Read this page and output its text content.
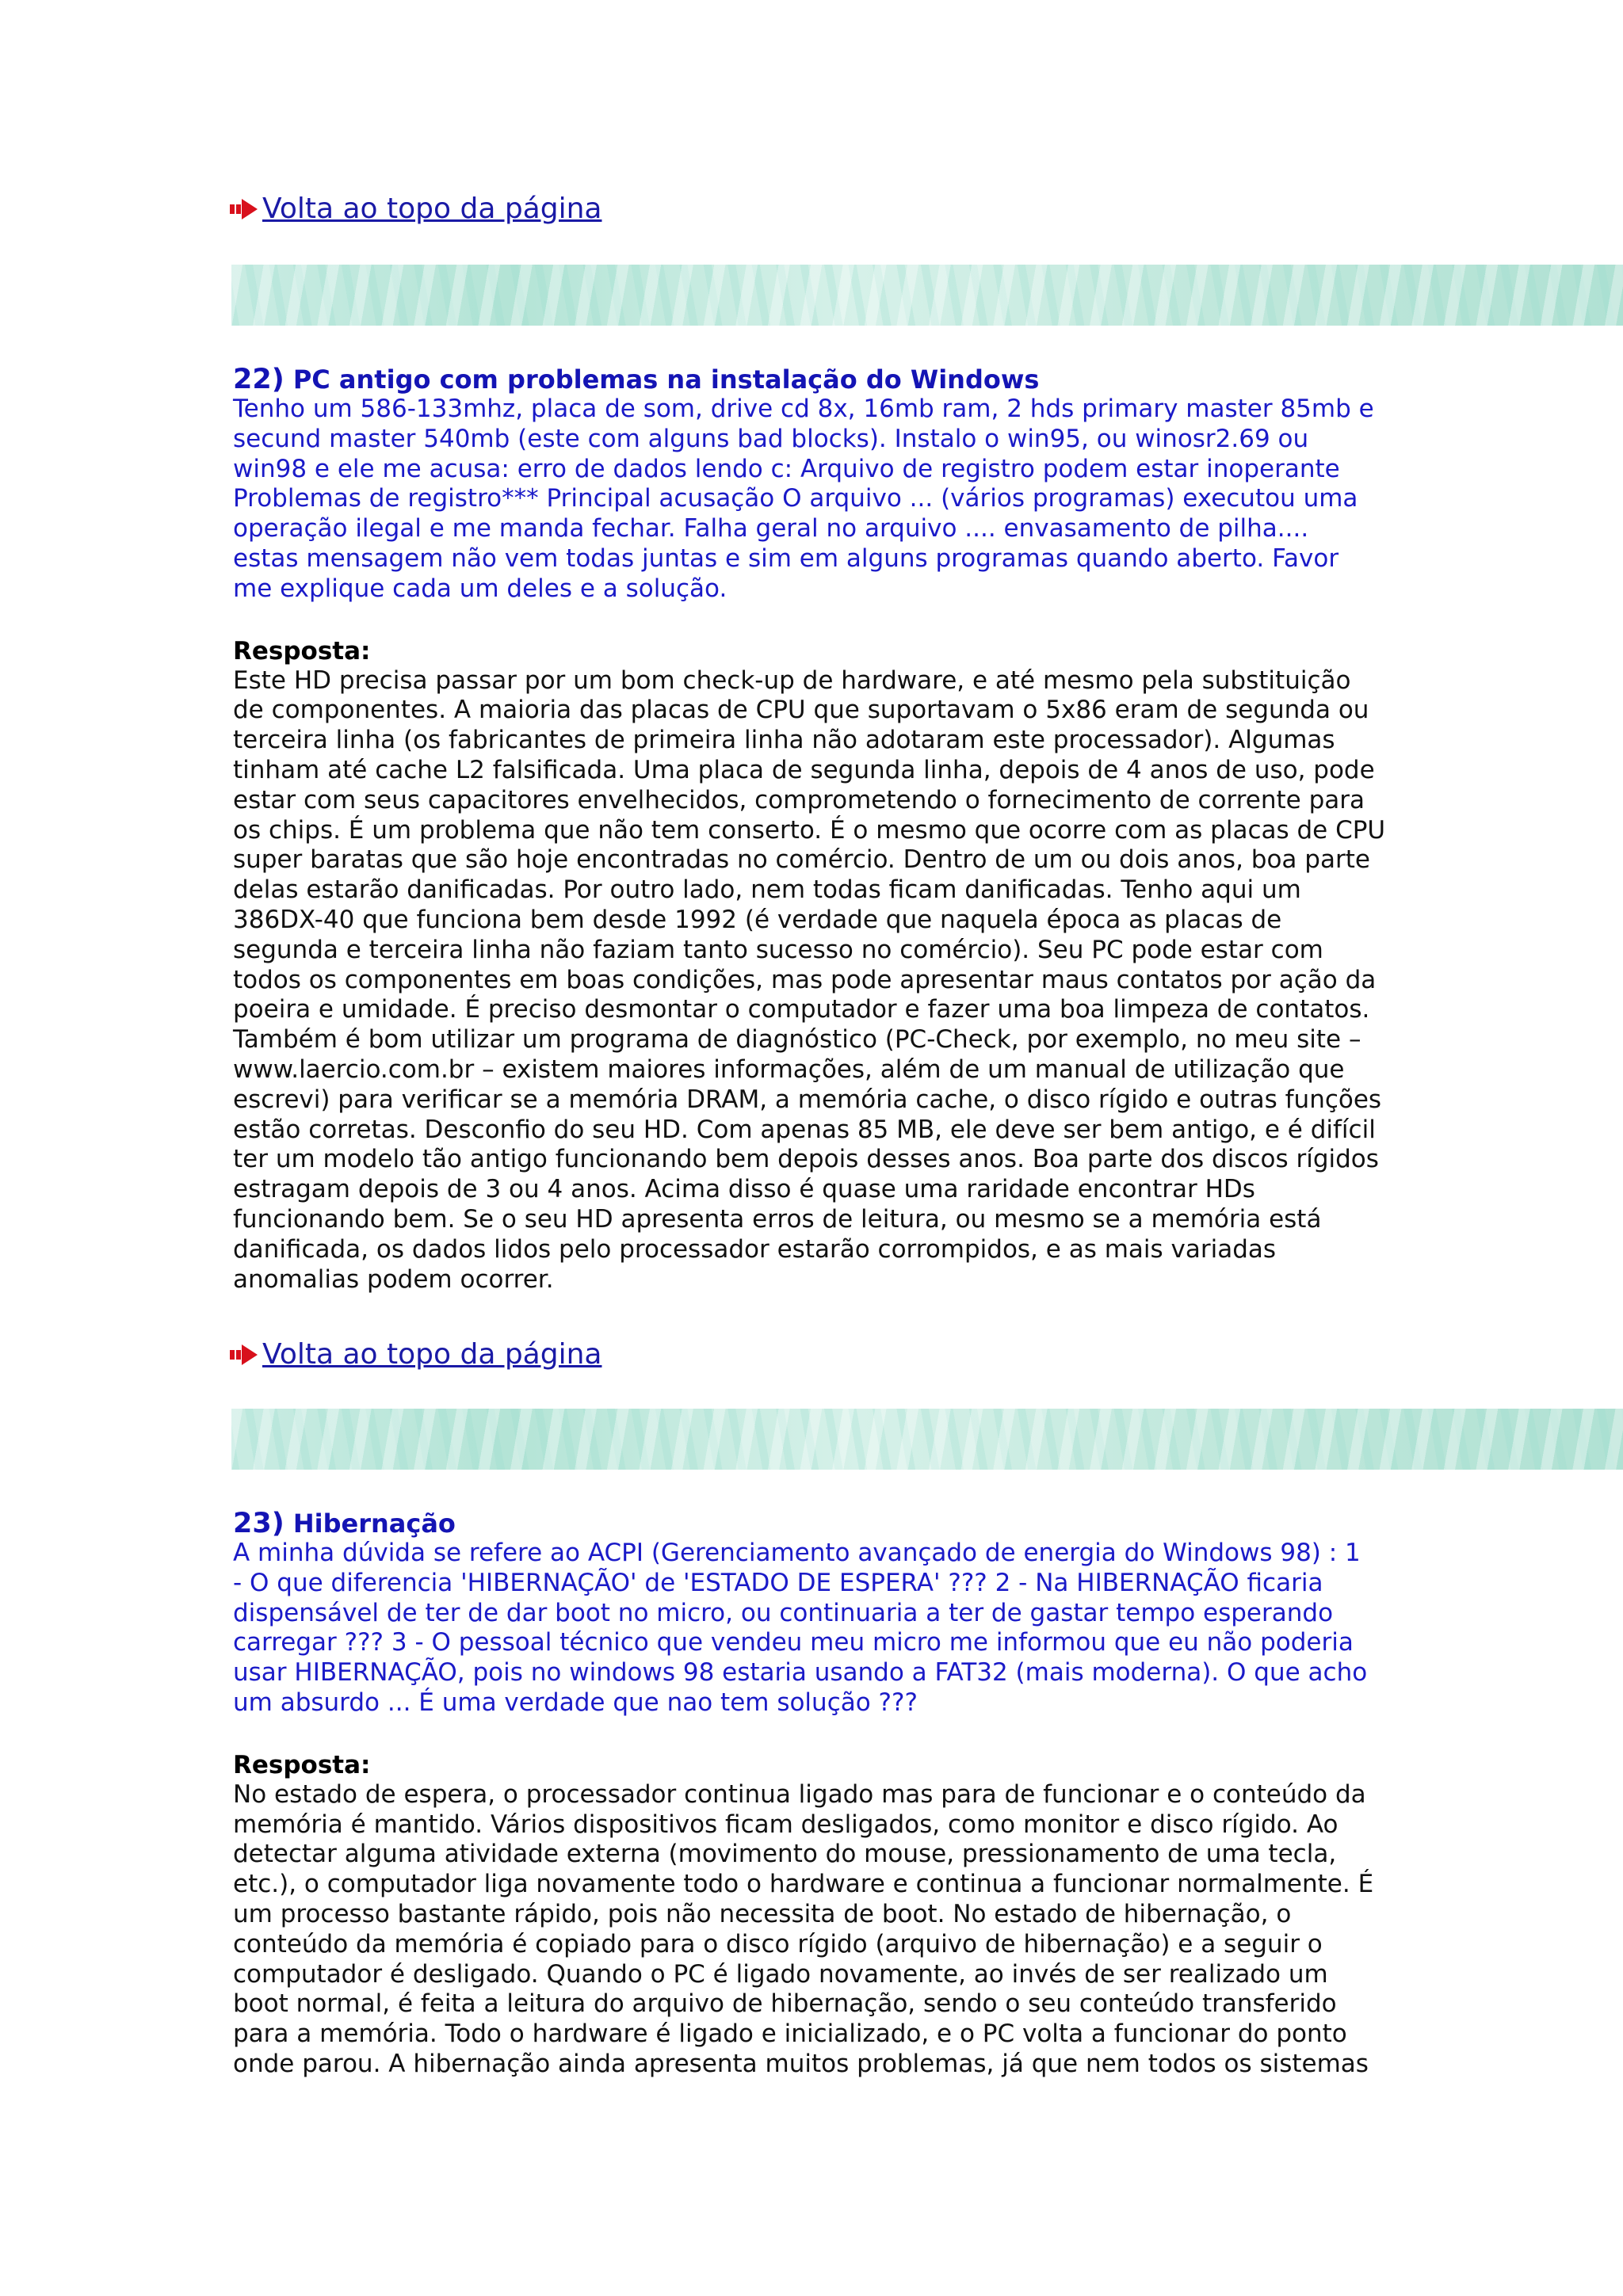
Volta ao topo da página

22) PC antigo com problemas na instalação do Windows

Tenho um 586-133mhz, placa de som, drive cd 8x, 16mb ram, 2 hds primary master 85mb e
secund master 540mb (este com alguns bad blocks). Instalo o win95, ou winosr2.69 ou
win98 e ele me acusa: erro de dados lendo c: Arquivo de registro podem estar inoperante
Problemas de registro*** Principal acusação O arquivo ... (vários programas) executou uma
operação ilegal e me manda fechar. Falha geral no arquivo .... envasamento de pilha....
estas mensagem não vem todas juntas e sim em alguns programas quando aberto. Favor
me explique cada um deles e a solução.

Resposta:

Este HD precisa passar por um bom check-up de hardware, e até mesmo pela substituição
de componentes. A maioria das placas de CPU que suportavam o 5x86 eram de segunda ou
terceira linha (os fabricantes de primeira linha não adotaram este processador). Algumas
tinham até cache L2 falsificada. Uma placa de segunda linha, depois de 4 anos de uso, pode
estar com seus capacitores envelhecidos, comprometendo o fornecimento de corrente para
os chips. É um problema que não tem conserto. É o mesmo que ocorre com as placas de CPU
super baratas que são hoje encontradas no comércio. Dentro de um ou dois anos, boa parte
delas estarão danificadas. Por outro lado, nem todas ficam danificadas. Tenho aqui um
386DX-40 que funciona bem desde 1992 (é verdade que naquela época as placas de
segunda e terceira linha não faziam tanto sucesso no comércio). Seu PC pode estar com
todos os componentes em boas condições, mas pode apresentar maus contatos por ação da
poeira e umidade. É preciso desmontar o computador e fazer uma boa limpeza de contatos.
Também é bom utilizar um programa de diagnóstico (PC-Check, por exemplo, no meu site –
www.laercio.com.br – existem maiores informações, além de um manual de utilização que
escrevi) para verificar se a memória DRAM, a memória cache, o disco rígido e outras funções
estão corretas. Desconfio do seu HD. Com apenas 85 MB, ele deve ser bem antigo, e é difícil
ter um modelo tão antigo funcionando bem depois desses anos. Boa parte dos discos rígidos
estragam depois de 3 ou 4 anos. Acima disso é quase uma raridade encontrar HDs
funcionando bem. Se o seu HD apresenta erros de leitura, ou mesmo se a memória está
danificada, os dados lidos pelo processador estarão corrompidos, e as mais variadas
anomalias podem ocorrer.

Volta ao topo da página

23) Hibernação

A minha dúvida se refere ao ACPI (Gerenciamento avançado de energia do Windows 98) : 1
- O que diferencia 'HIBERNAÇÃO' de 'ESTADO DE ESPERA' ??? 2 - Na HIBERNAÇÃO ficaria
dispensável de ter de dar boot no micro, ou continuaria a ter de gastar tempo esperando
carregar ??? 3 - O pessoal técnico que vendeu meu micro me informou que eu não poderia
usar HIBERNAÇÃO, pois no windows 98 estaria usando a FAT32 (mais moderna). O que acho
um absurdo ... É uma verdade que nao tem solução ???

Resposta:

No estado de espera, o processador continua ligado mas para de funcionar e o conteúdo da
memória é mantido. Vários dispositivos ficam desligados, como monitor e disco rígido. Ao
detectar alguma atividade externa (movimento do mouse, pressionamento de uma tecla,
etc.), o computador liga novamente todo o hardware e continua a funcionar normalmente. É
um processo bastante rápido, pois não necessita de boot. No estado de hibernação, o
conteúdo da memória é copiado para o disco rígido (arquivo de hibernação) e a seguir o
computador é desligado. Quando o PC é ligado novamente, ao invés de ser realizado um
boot normal, é feita a leitura do arquivo de hibernação, sendo o seu conteúdo transferido
para a memória. Todo o hardware é ligado e inicializado, e o PC volta a funcionar do ponto
onde parou. A hibernação ainda apresenta muitos problemas, já que nem todos os sistemas
